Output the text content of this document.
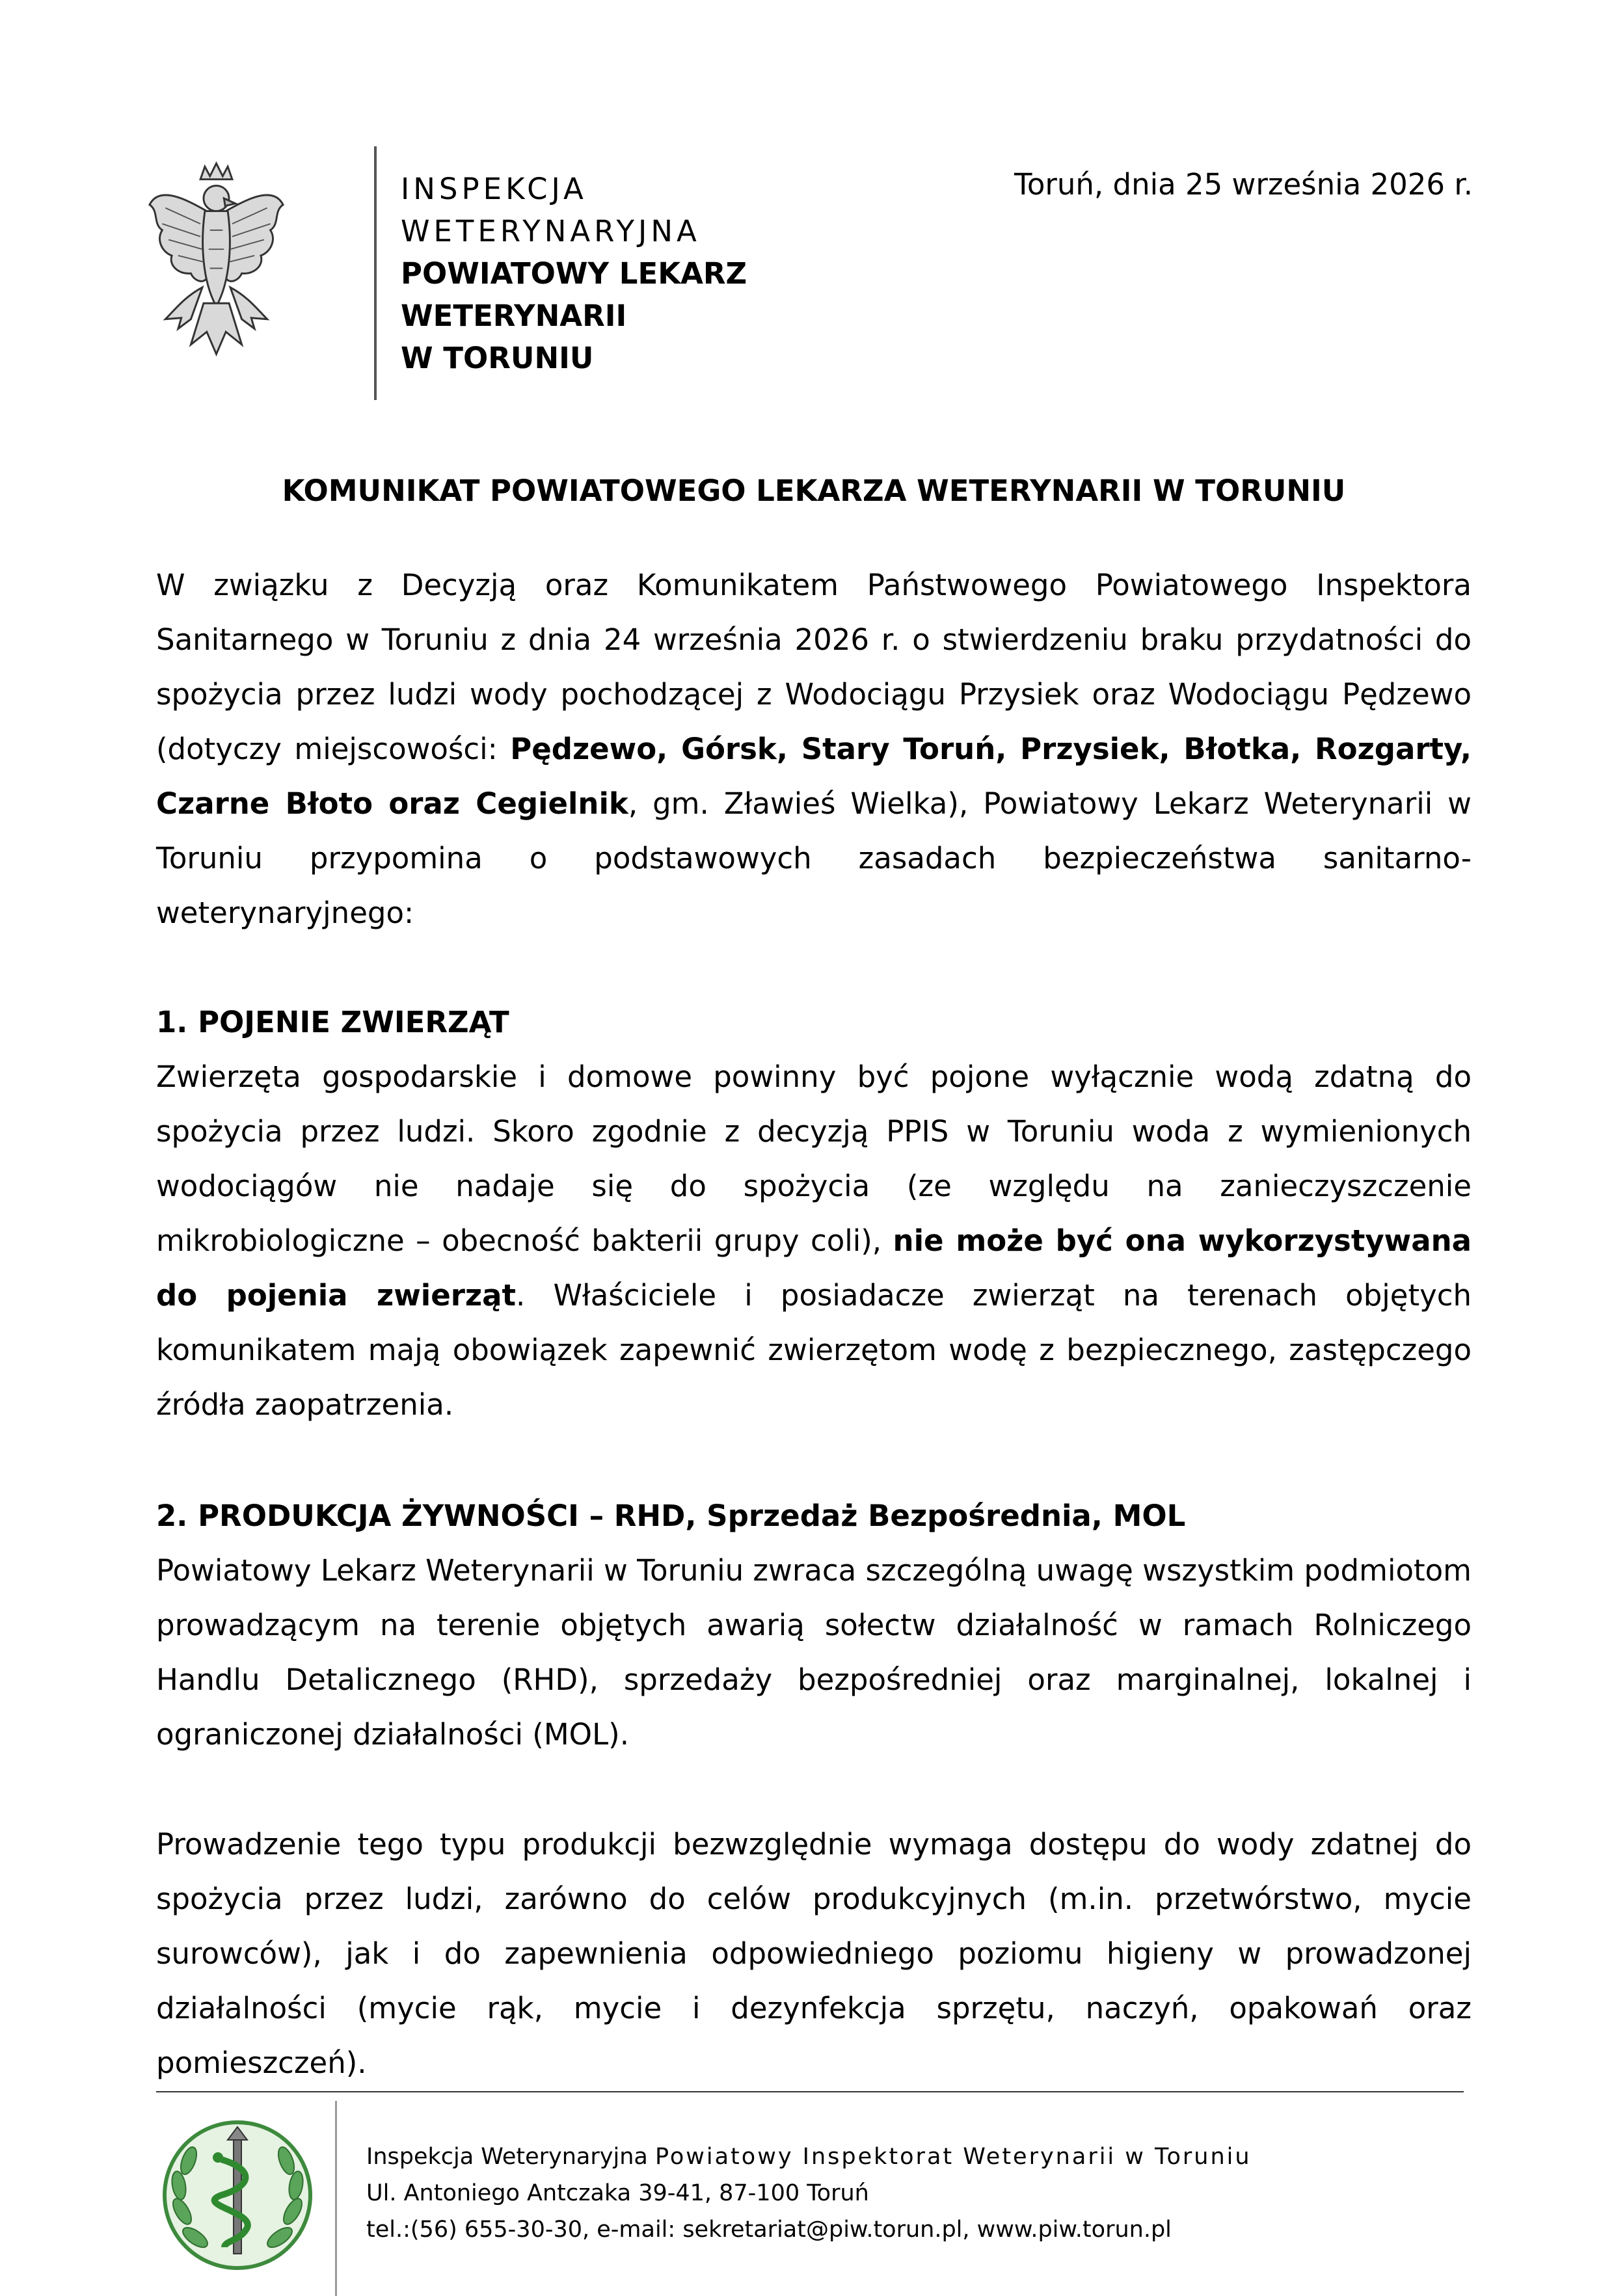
INSPEKCJA
WETERYNARYJNA
POWIATOWY LEKARZ
WETERYNARII
W TORUNIU
Toruń, dnia 25 września 2026 r.
KOMUNIKAT POWIATOWEGO LEKARZA WETERYNARII W TORUNIU

W związku z Decyzją oraz Komunikatem Państwowego Powiatowego Inspektora Sanitarnego w Toruniu z dnia 24 września 2026 r. o stwierdzeniu braku przydatności do spożycia przez ludzi wody pochodzącej z Wodociągu Przysiek oraz Wodociągu Pędzewo (dotyczy miejscowości: Pędzewo, Górsk, Stary Toruń, Przysiek, Błotka, Rozgarty, Czarne Błoto oraz Cegielnik, gm. Zławieś Wielka), Powiatowy Lekarz Weterynarii w Toruniu przypomina o podstawowych zasadach bezpieczeństwa sanitarno-weterynaryjnego:

1. POJENIE ZWIERZĄT

Zwierzęta gospodarskie i domowe powinny być pojone wyłącznie wodą zdatną do spożycia przez ludzi. Skoro zgodnie z decyzją PPIS w Toruniu woda z wymienionych wodociągów nie nadaje się do spożycia (ze względu na zanieczyszczenie mikrobiologiczne – obecność bakterii grupy coli), nie może być ona wykorzystywana do pojenia zwierząt. Właściciele i posiadacze zwierząt na terenach objętych komunikatem mają obowiązek zapewnić zwierzętom wodę z bezpiecznego, zastępczego źródła zaopatrzenia.

2. PRODUKCJA ŻYWNOŚCI – RHD, Sprzedaż Bezpośrednia, MOL

Powiatowy Lekarz Weterynarii w Toruniu zwraca szczególną uwagę wszystkim podmiotom prowadzącym na terenie objętych awarią sołectw działalność w ramach Rolniczego Handlu Detalicznego (RHD), sprzedaży bezpośredniej oraz marginalnej, lokalnej i ograniczonej działalności (MOL).

Prowadzenie tego typu produkcji bezwzględnie wymaga dostępu do wody zdatnej do spożycia przez ludzi, zarówno do celów produkcyjnych (m.in. przetwórstwo, mycie surowców), jak i do zapewnienia odpowiedniego poziomu higieny w prowadzonej działalności (mycie rąk, mycie i dezynfekcja sprzętu, naczyń, opakowań oraz pomieszczeń).

Inspekcja Weterynaryjna Powiatowy Inspektorat Weterynarii w Toruniu
Ul. Antoniego Antczaka 39-41, 87-100 Toruń
tel.:(56) 655-30-30, e-mail: sekretariat@piw.torun.pl, www.piw.torun.pl
